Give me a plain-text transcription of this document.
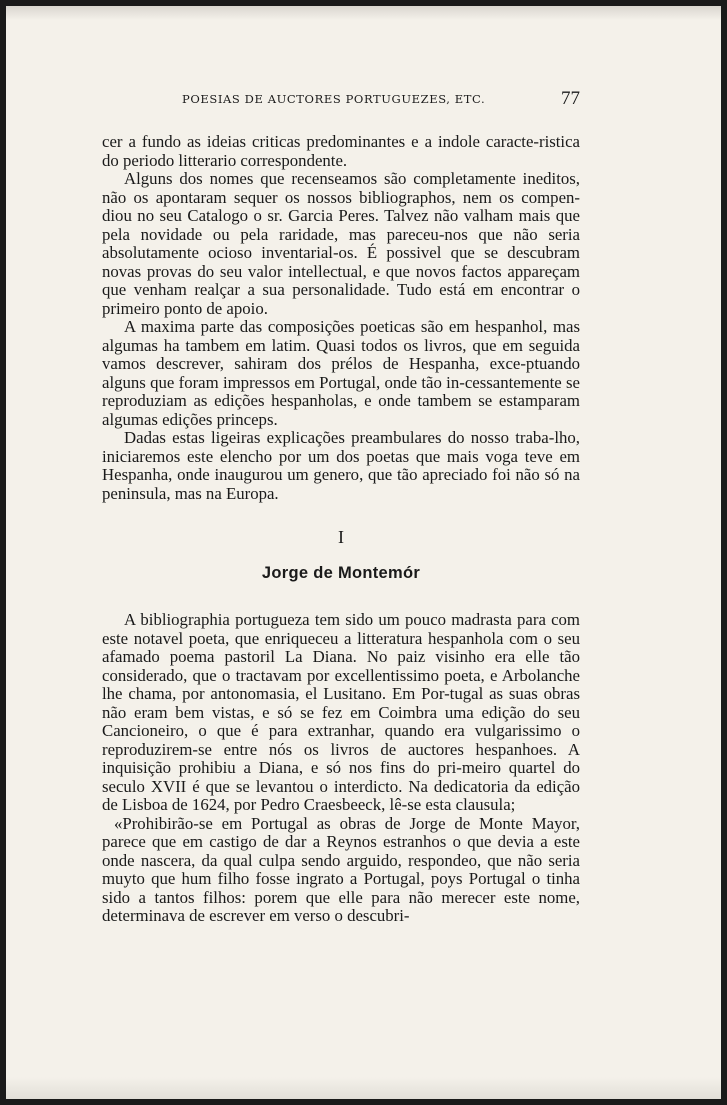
POESIAS DE AUCTORES PORTUGUEZES, ETC.	77

cer a fundo as ideias criticas predominantes e a indole caracte-ristica do periodo litterario correspondente.

Alguns dos nomes que recenseamos são completamente ineditos, não os apontaram sequer os nossos bibliographos, nem os compen-diou no seu Catalogo o sr. Garcia Peres. Talvez não valham mais que pela novidade ou pela raridade, mas pareceu-nos que não seria absolutamente ocioso inventarial-os. É possivel que se descubram novas provas do seu valor intellectual, e que novos factos appareçam que venham realçar a sua personalidade. Tudo está em encontrar o primeiro ponto de apoio.

A maxima parte das composições poeticas são em hespanhol, mas algumas ha tambem em latim. Quasi todos os livros, que em seguida vamos descrever, sahiram dos prélos de Hespanha, exce-ptuando alguns que foram impressos em Portugal, onde tão in-cessantemente se reproduziam as edições hespanholas, e onde tambem se estamparam algumas edições princeps.

Dadas estas ligeiras explicações preambulares do nosso traba-lho, iniciaremos este elencho por um dos poetas que mais voga teve em Hespanha, onde inaugurou um genero, que tão apreciado foi não só na peninsula, mas na Europa.

I
Jorge de Montemór

A bibliographia portugueza tem sido um pouco madrasta para com este notavel poeta, que enriqueceu a litteratura hespanhola com o seu afamado poema pastoril La Diana. No paiz visinho era elle tão considerado, que o tractavam por excellentissimo poeta, e Arbolanche lhe chama, por antonomasia, el Lusitano. Em Por-tugal as suas obras não eram bem vistas, e só se fez em Coimbra uma edição do seu Cancioneiro, o que é para extranhar, quando era vulgarissimo o reproduzirem-se entre nós os livros de auctores hespanhoes. A inquisição prohibiu a Diana, e só nos fins do pri-meiro quartel do seculo XVII é que se levantou o interdicto. Na dedicatoria da edição de Lisboa de 1624, por Pedro Craesbeeck, lê-se esta clausula;

«Prohibirão-se em Portugal as obras de Jorge de Monte Mayor, parece que em castigo de dar a Reynos estranhos o que devia a este onde nascera, da qual culpa sendo arguido, respondeo, que não seria muyto que hum filho fosse ingrato a Portugal, poys Portugal o tinha sido a tantos filhos: porem que elle para não merecer este nome, determinava de escrever em verso o descubri-
